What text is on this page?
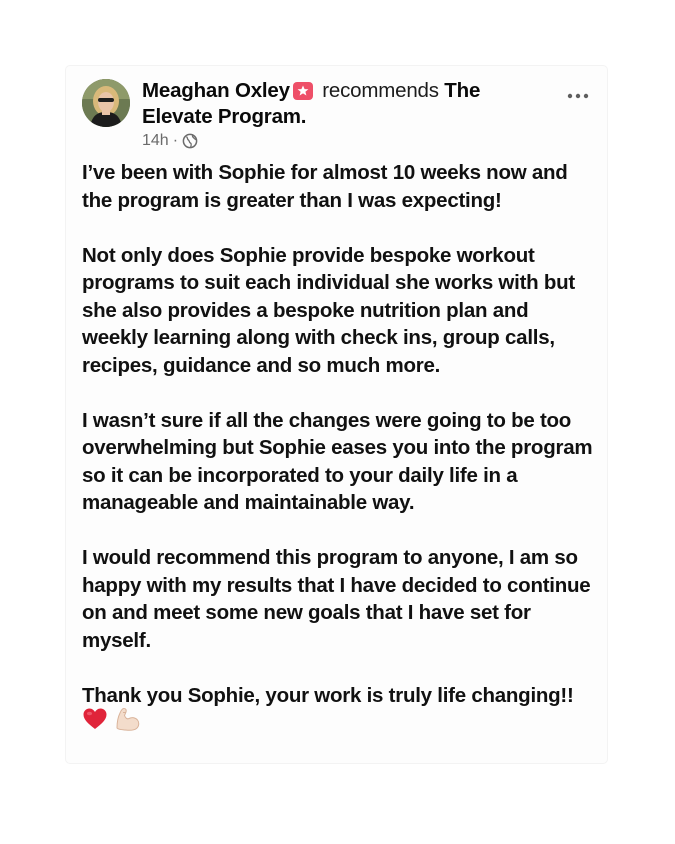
Meaghan Oxley recommends The Elevate Program.
14h ·

I’ve been with Sophie for almost 10 weeks now and the program is greater than I was expecting!

Not only does Sophie provide bespoke workout programs to suit each individual she works with but she also provides a bespoke nutrition plan and weekly learning along with check ins, group calls, recipes, guidance and so much more.

I wasn’t sure if all the changes were going to be too overwhelming but Sophie eases you into the program so it can be incorporated to your daily life in a manageable and maintainable way.

I would recommend this program to anyone, I am so happy with my results that I have decided to continue on and meet some new goals that I have set for myself.

Thank you Sophie, your work is truly life changing!!
